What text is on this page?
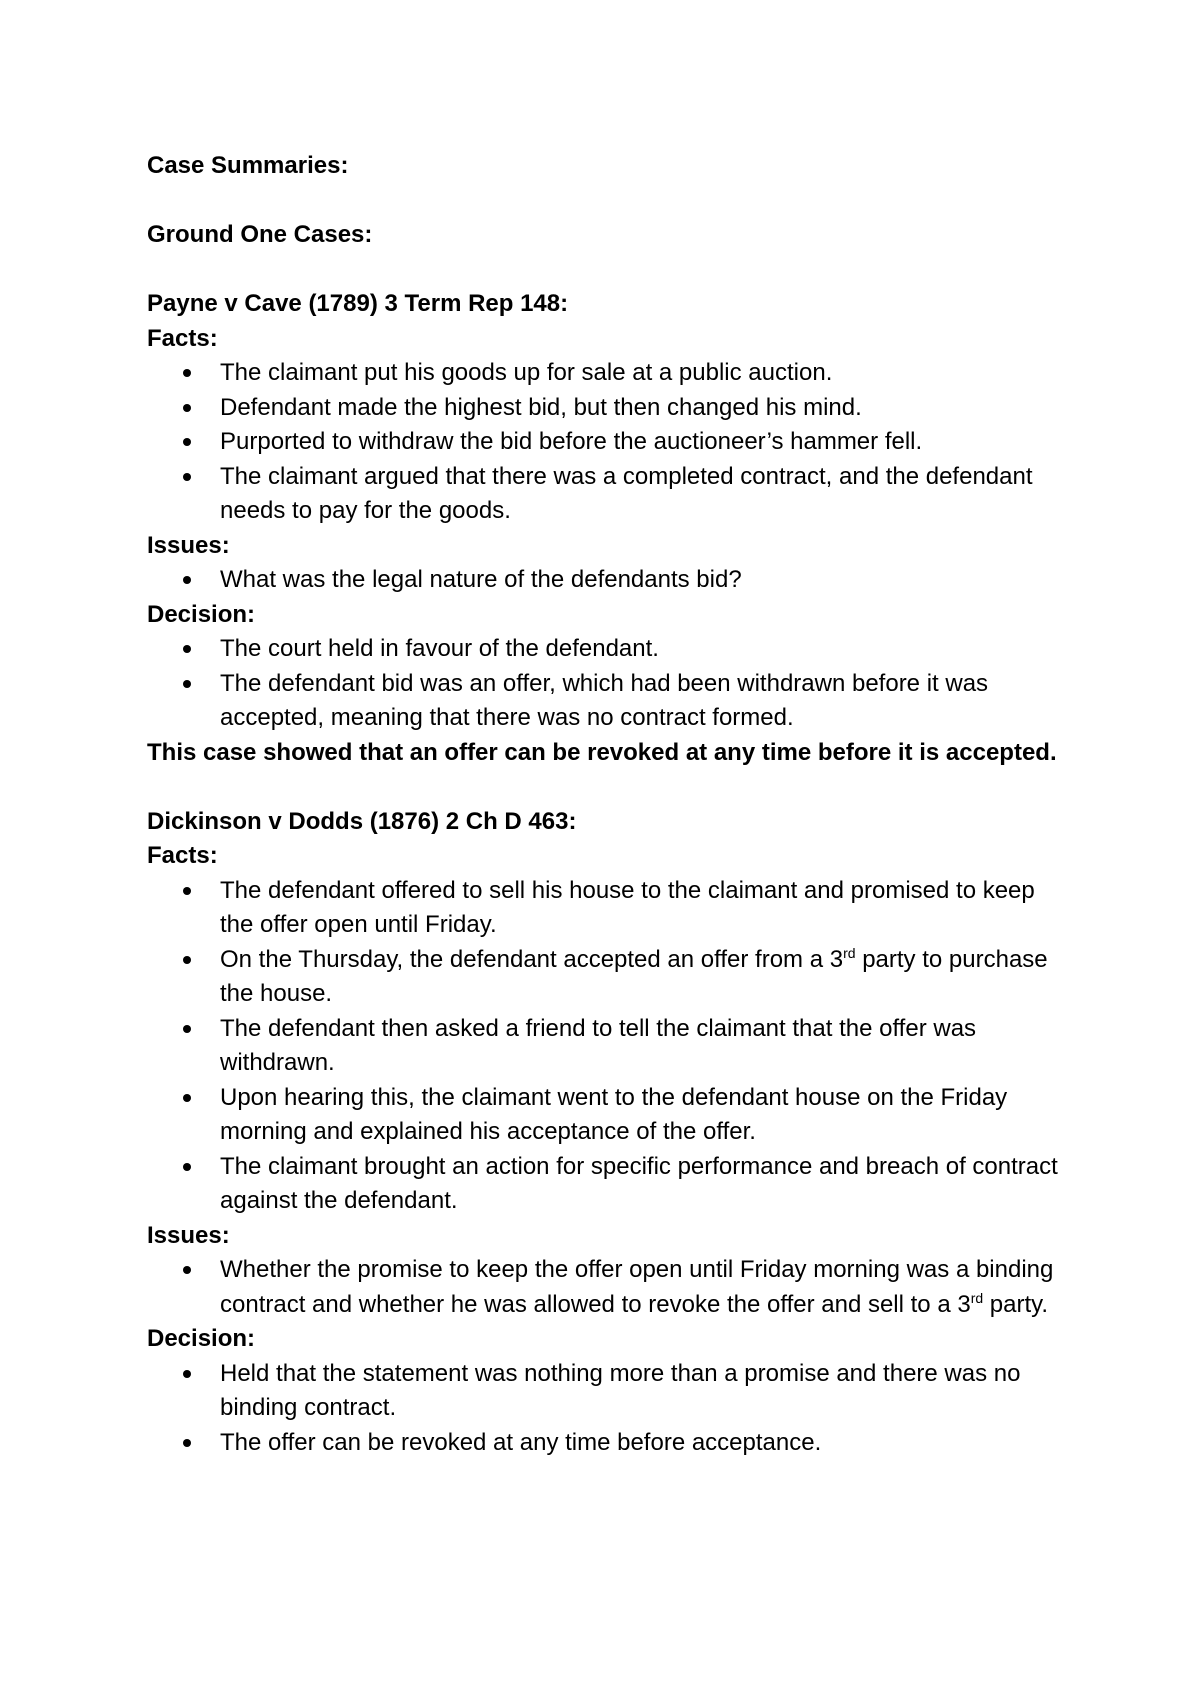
Case Summaries:

Ground One Cases:

Payne v Cave (1789) 3 Term Rep 148:

Facts:

The claimant put his goods up for sale at a public auction.
Defendant made the highest bid, but then changed his mind.
Purported to withdraw the bid before the auctioneer’s hammer fell.
The claimant argued that there was a completed contract, and the defendant needs to pay for the goods.

Issues:

What was the legal nature of the defendants bid?

Decision:

The court held in favour of the defendant.
The defendant bid was an offer, which had been withdrawn before it was accepted, meaning that there was no contract formed.

This case showed that an offer can be revoked at any time before it is accepted.

Dickinson v Dodds (1876) 2 Ch D 463:

Facts:

The defendant offered to sell his house to the claimant and promised to keep the offer open until Friday.
On the Thursday, the defendant accepted an offer from a 3rd party to purchase the house.
The defendant then asked a friend to tell the claimant that the offer was withdrawn.
Upon hearing this, the claimant went to the defendant house on the Friday morning and explained his acceptance of the offer.
The claimant brought an action for specific performance and breach of contract against the defendant.

Issues:

Whether the promise to keep the offer open until Friday morning was a binding contract and whether he was allowed to revoke the offer and sell to a 3rd party.

Decision:

Held that the statement was nothing more than a promise and there was no binding contract.
The offer can be revoked at any time before acceptance.
